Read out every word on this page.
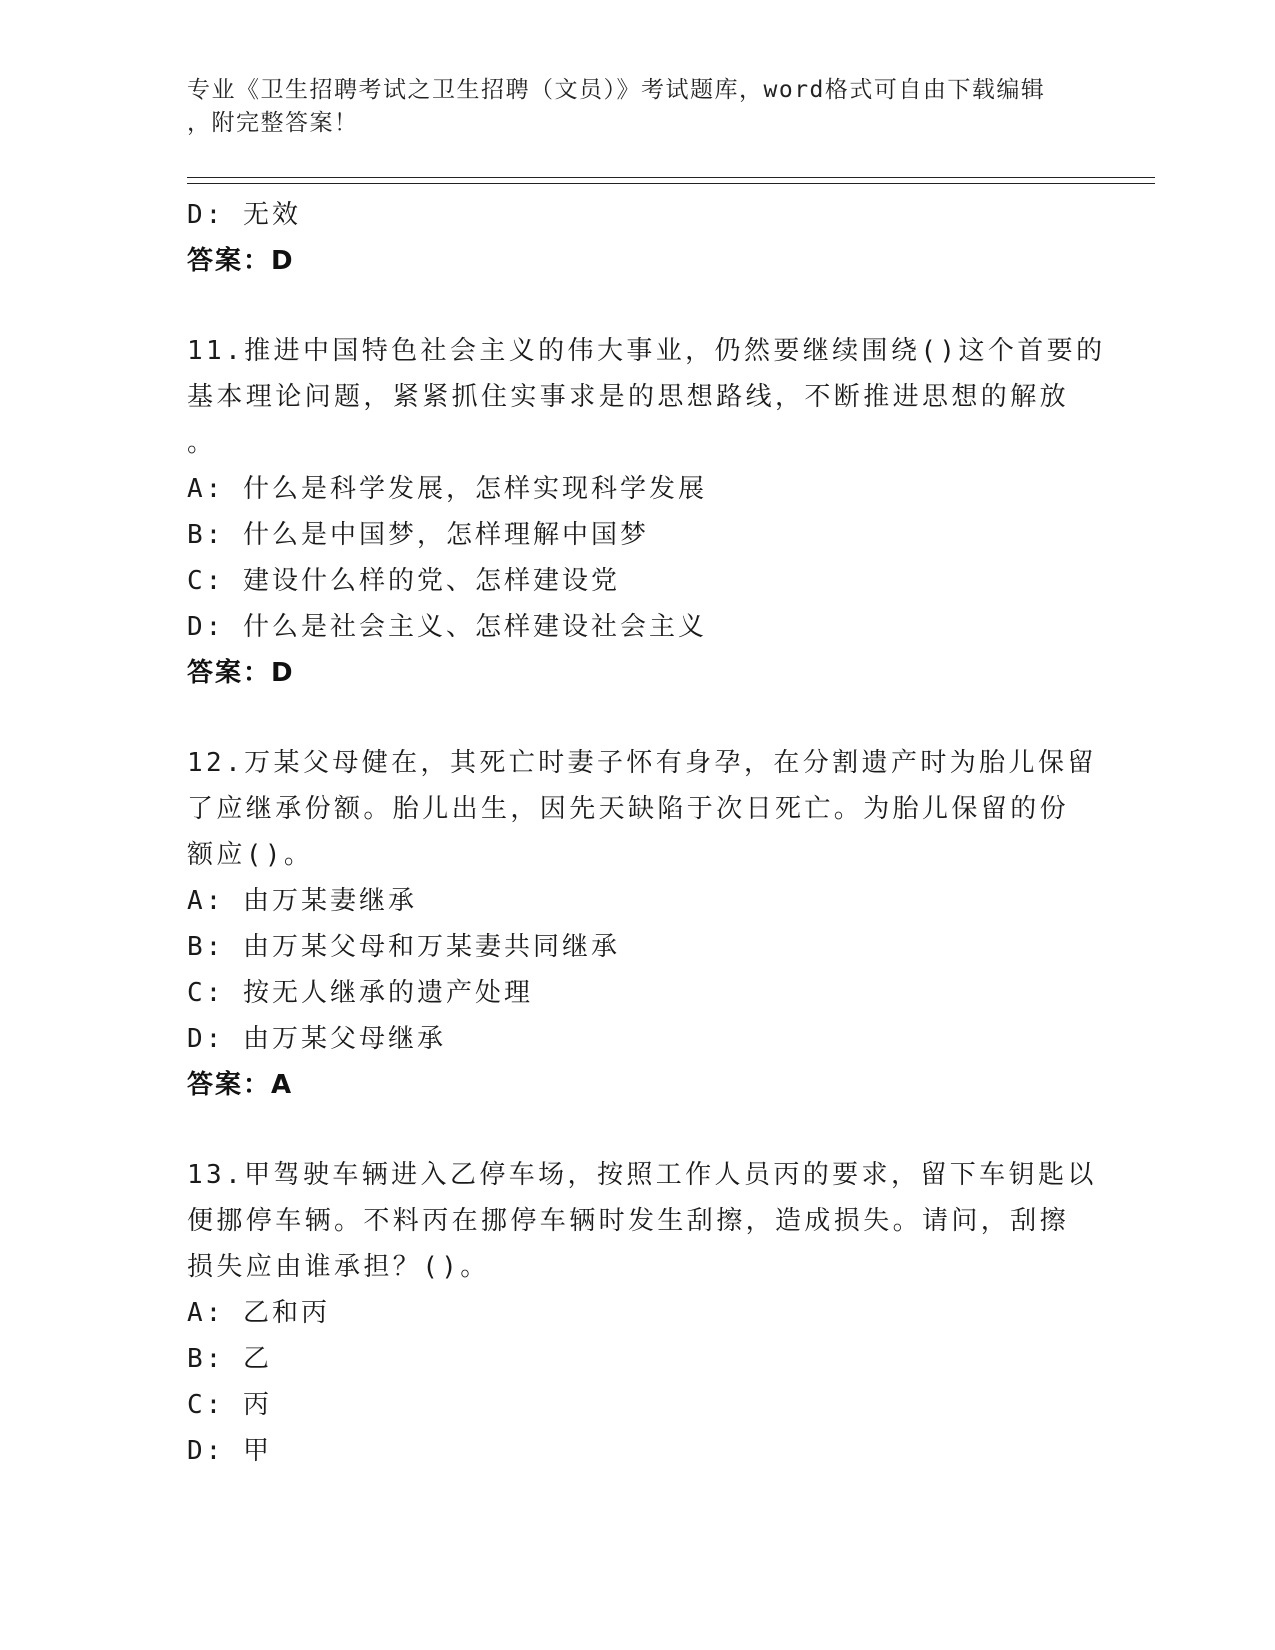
专业《卫生招聘考试之卫生招聘（文员）》考试题库，word格式可自由下载编辑
，附完整答案！
D: 无效
答案：D
11.推进中国特色社会主义的伟大事业，仍然要继续围绕()这个首要的
基本理论问题，紧紧抓住实事求是的思想路线，不断推进思想的解放
。
A: 什么是科学发展，怎样实现科学发展
B: 什么是中国梦，怎样理解中国梦
C: 建设什么样的党、怎样建设党
D: 什么是社会主义、怎样建设社会主义
答案：D
12.万某父母健在，其死亡时妻子怀有身孕，在分割遗产时为胎儿保留
了应继承份额。胎儿出生，因先天缺陷于次日死亡。为胎儿保留的份
额应()。
A: 由万某妻继承
B: 由万某父母和万某妻共同继承
C: 按无人继承的遗产处理
D: 由万某父母继承
答案：A
13.甲驾驶车辆进入乙停车场，按照工作人员丙的要求，留下车钥匙以
便挪停车辆。不料丙在挪停车辆时发生刮擦，造成损失。请问，刮擦
损失应由谁承担？()。
A: 乙和丙
B: 乙
C: 丙
D: 甲
